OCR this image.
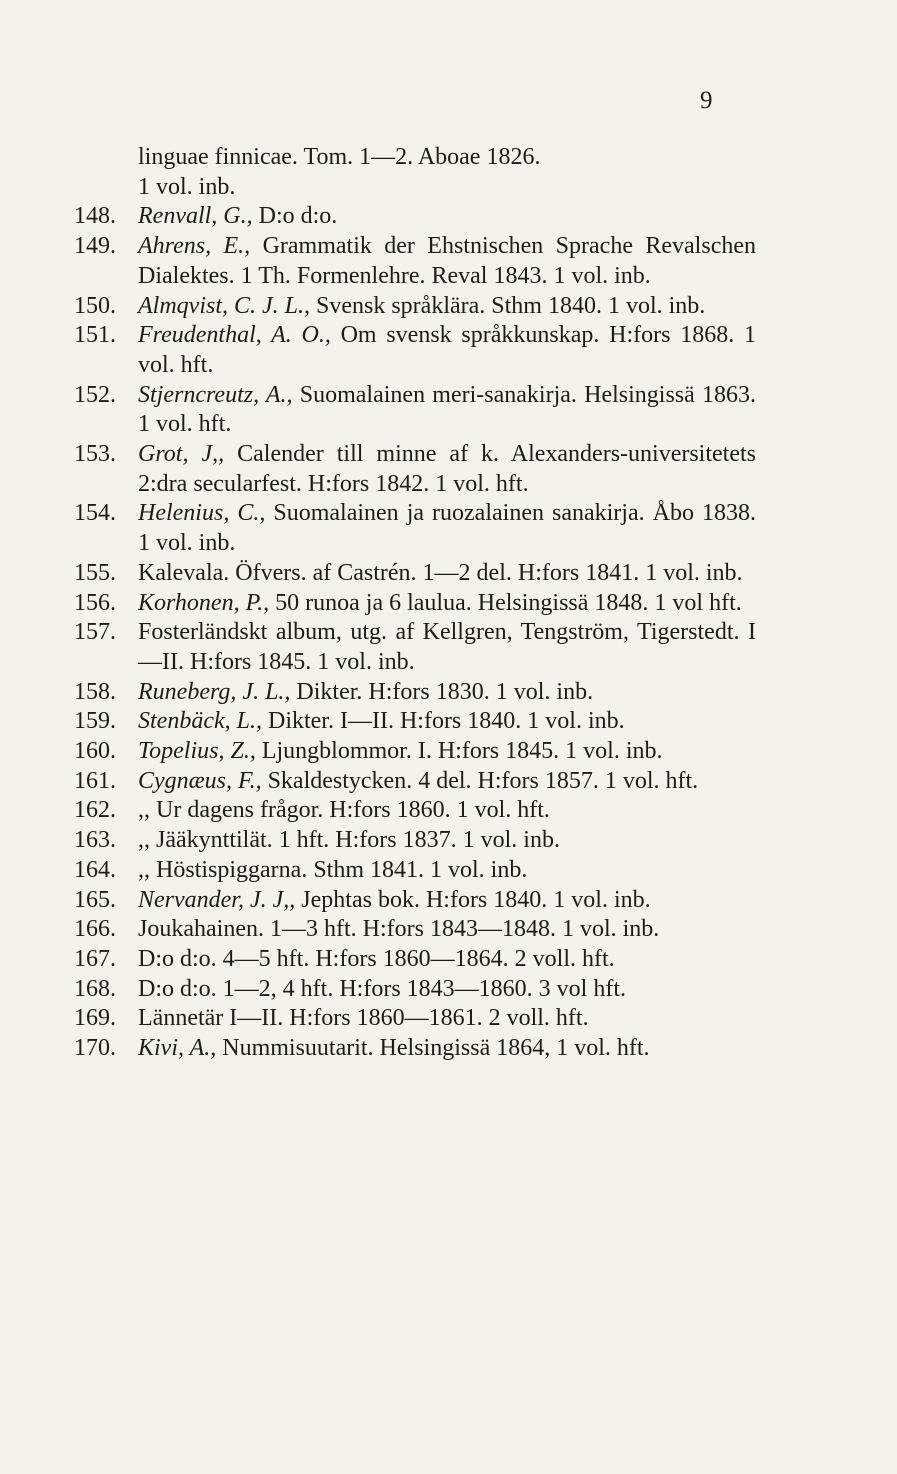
9
linguae finnicae. Tom. 1—2. Aboae 1826.
1 vol. inb.
148. Renvall, G., D:o d:o.
149. Ahrens, E., Grammatik der Ehstnischen Sprache Revalschen Dialektes. 1 Th. Formenlehre. Reval 1843. 1 vol. inb.
150. Almqvist, C. J. L., Svensk språklära. Sthm 1840. 1 vol. inb.
151. Freudenthal, A. O., Om svensk språkkunskap. H:fors 1868. 1 vol. hft.
152. Stjerncreutz, A., Suomalainen meri-sanakirja. Helsingissä 1863. 1 vol. hft.
153. Grot, J,, Calender till minne af k. Alexanders-universitetets 2:dra secularfest. H:fors 1842. 1 vol. hft.
154. Helenius, C., Suomalainen ja ruozalainen sanakirja. Åbo 1838. 1 vol. inb.
155. Kalevala. Öfvers. af Castrén. 1—2 del. H:fors 1841. 1 vol. inb.
156. Korhonen, P., 50 runoa ja 6 laulua. Helsingissä 1848. 1 vol hft.
157. Fosterländskt album, utg. af Kellgren, Tengström, Tigerstedt. I—II. H:fors 1845. 1 vol. inb.
158. Runeberg, J. L., Dikter. H:fors 1830. 1 vol. inb.
159. Stenbäck, L., Dikter. I—II. H:fors 1840. 1 vol. inb.
160. Topelius, Z., Ljungblommor. I. H:fors 1845. 1 vol. inb.
161. Cygnæus, F., Skaldestycken. 4 del. H:fors 1857. 1 vol. hft.
162. ,, Ur dagens frågor. H:fors 1860. 1 vol. hft.
163. ,, Jääkynttilät. 1 hft. H:fors 1837. 1 vol. inb.
164. ,, Höstispiggarna. Sthm 1841. 1 vol. inb.
165. Nervander, J. J,, Jephtas bok. H:fors 1840. 1 vol. inb.
166. Joukahainen. 1—3 hft. H:fors 1843—1848. 1 vol. inb.
167. D:o d:o. 4—5 hft. H:fors 1860—1864. 2 voll. hft.
168. D:o d:o. 1—2, 4 hft. H:fors 1843—1860. 3 vol hft.
169. Lännetär I—II. H:fors 1860—1861. 2 voll. hft.
170. Kivi, A., Nummisuutarit. Helsingissä 1864, 1 vol. hft.
